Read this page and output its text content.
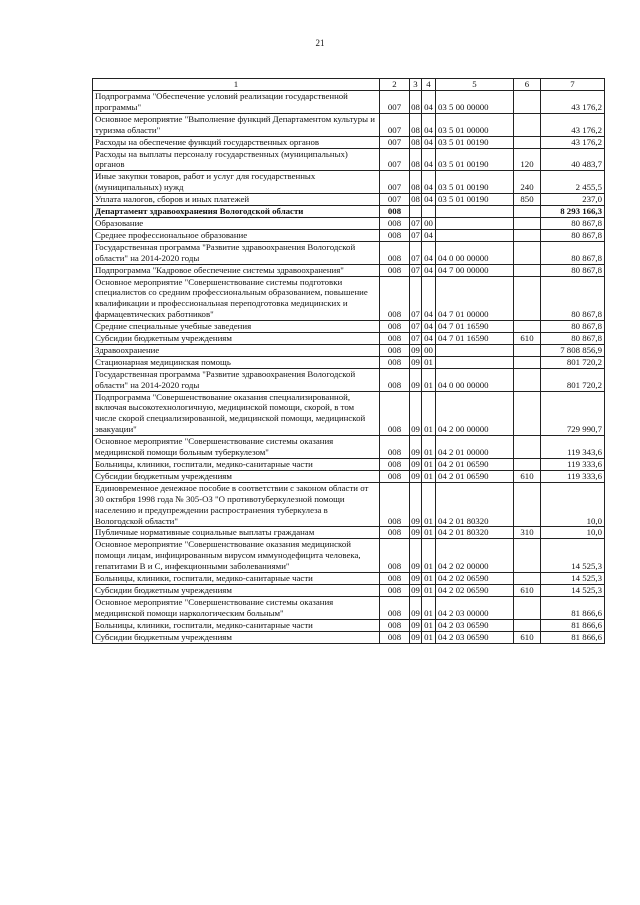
21
1	2	3	4	5	6	7
Подпрограмма "Обеспечение условий реализации государственной программы"	007	08	04	03 5 00 00000		43 176,2
Основное мероприятие "Выполнение функций Департаментом культуры и туризма области"	007	08	04	03 5 01 00000		43 176,2
Расходы на обеспечение функций государственных органов	007	08	04	03 5 01 00190		43 176,2
Расходы на выплаты персоналу государственных (муниципальных) органов	007	08	04	03 5 01 00190	120	40 483,7
Иные закупки товаров, работ и услуг для государственных (муниципальных) нужд	007	08	04	03 5 01 00190	240	2 455,5
Уплата налогов, сборов и иных платежей	007	08	04	03 5 01 00190	850	237,0
Департамент здравоохранения Вологодской области	008					8 293 166,3
Образование	008	07	00			80 867,8
Среднее профессиональное образование	008	07	04			80 867,8
Государственная программа "Развитие здравоохранения Вологодской области" на 2014-2020 годы	008	07	04	04 0 00 00000		80 867,8
Подпрограмма "Кадровое обеспечение системы здравоохранения"	008	07	04	04 7 00 00000		80 867,8
Основное мероприятие "Совершенствование системы подготовки специалистов со средним профессиональным образованием, повышение квалификации и профессиональная переподготовка медицинских и фармацевтических работников"	008	07	04	04 7 01 00000		80 867,8
Средние специальные учебные заведения	008	07	04	04 7 01 16590		80 867,8
Субсидии бюджетным учреждениям	008	07	04	04 7 01 16590	610	80 867,8
Здравоохранение	008	09	00			7 808 856,9
Стационарная медицинская помощь	008	09	01			801 720,2
Государственная программа "Развитие здравоохранения Вологодской области" на 2014-2020 годы	008	09	01	04 0 00 00000		801 720,2
Подпрограмма "Совершенствование оказания специализированной, включая высокотехнологичную, медицинской помощи, скорой, в том числе скорой специализированной, медицинской помощи, медицинской эвакуации"	008	09	01	04 2 00 00000		729 990,7
Основное мероприятие "Совершенствование системы оказания медицинской помощи больным туберкулезом"	008	09	01	04 2 01 00000		119 343,6
Больницы, клиники, госпитали, медико-санитарные части	008	09	01	04 2 01 06590		119 333,6
Субсидии бюджетным учреждениям	008	09	01	04 2 01 06590	610	119 333,6
Единовременное денежное пособие в соответствии с законом области от 30 октября 1998 года № 305-ОЗ "О противотуберкулезной помощи населению и предупреждении распространения туберкулеза в Вологодской области"	008	09	01	04 2 01 80320		10,0
Публичные нормативные социальные выплаты гражданам	008	09	01	04 2 01 80320	310	10,0
Основное мероприятие "Совершенствование оказания медицинской помощи лицам, инфицированным вирусом иммунодефицита человека, гепатитами В и С, инфекционными заболеваниями"	008	09	01	04 2 02 00000		14 525,3
Больницы, клиники, госпитали, медико-санитарные части	008	09	01	04 2 02 06590		14 525,3
Субсидии бюджетным учреждениям	008	09	01	04 2 02 06590	610	14 525,3
Основное мероприятие "Совершенствование системы оказания медицинской помощи наркологическим больным"	008	09	01	04 2 03 00000		81 866,6
Больницы, клиники, госпитали, медико-санитарные части	008	09	01	04 2 03 06590		81 866,6
Субсидии бюджетным учреждениям	008	09	01	04 2 03 06590	610	81 866,6
